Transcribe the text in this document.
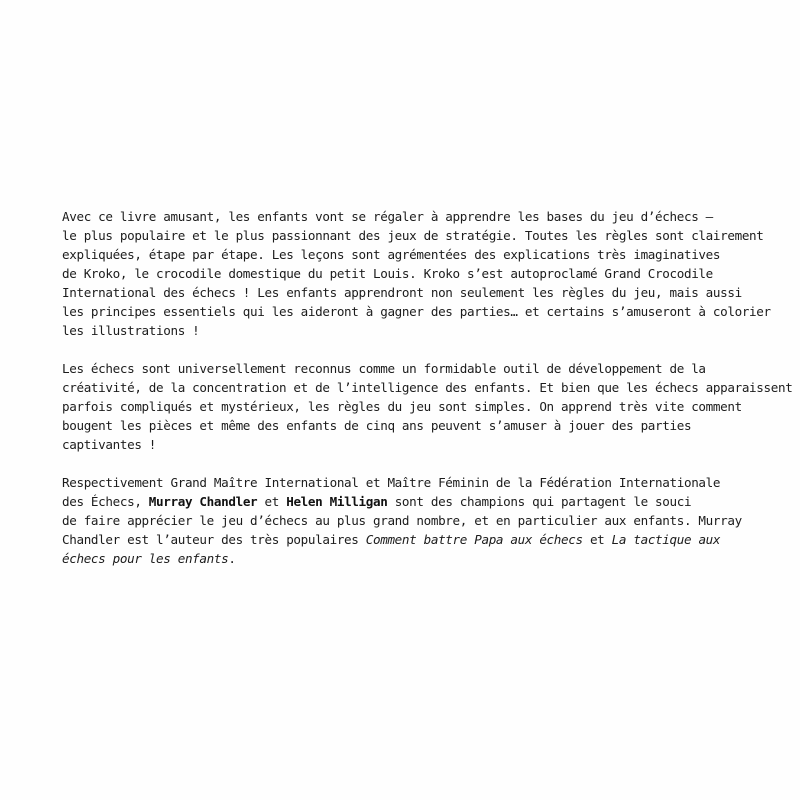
Avec ce livre amusant, les enfants vont se régaler à apprendre les bases du jeu d’échecs –
le plus populaire et le plus passionnant des jeux de stratégie. Toutes les règles sont clairement
expliquées, étape par étape. Les leçons sont agrémentées des explications très imaginatives
de Kroko, le crocodile domestique du petit Louis. Kroko s’est autoproclamé Grand Crocodile
International des échecs ! Les enfants apprendront non seulement les règles du jeu, mais aussi
les principes essentiels qui les aideront à gagner des parties… et certains s’amuseront à colorier
les illustrations !

Les échecs sont universellement reconnus comme un formidable outil de développement de la
créativité, de la concentration et de l’intelligence des enfants. Et bien que les échecs apparaissent
parfois compliqués et mystérieux, les règles du jeu sont simples. On apprend très vite comment
bougent les pièces et même des enfants de cinq ans peuvent s’amuser à jouer des parties
captivantes !

Respectivement Grand Maître International et Maître Féminin de la Fédération Internationale
des Échecs, Murray Chandler et Helen Milligan sont des champions qui partagent le souci
de faire apprécier le jeu d’échecs au plus grand nombre, et en particulier aux enfants. Murray
Chandler est l’auteur des très populaires Comment battre Papa aux échecs et La tactique aux
échecs pour les enfants.
